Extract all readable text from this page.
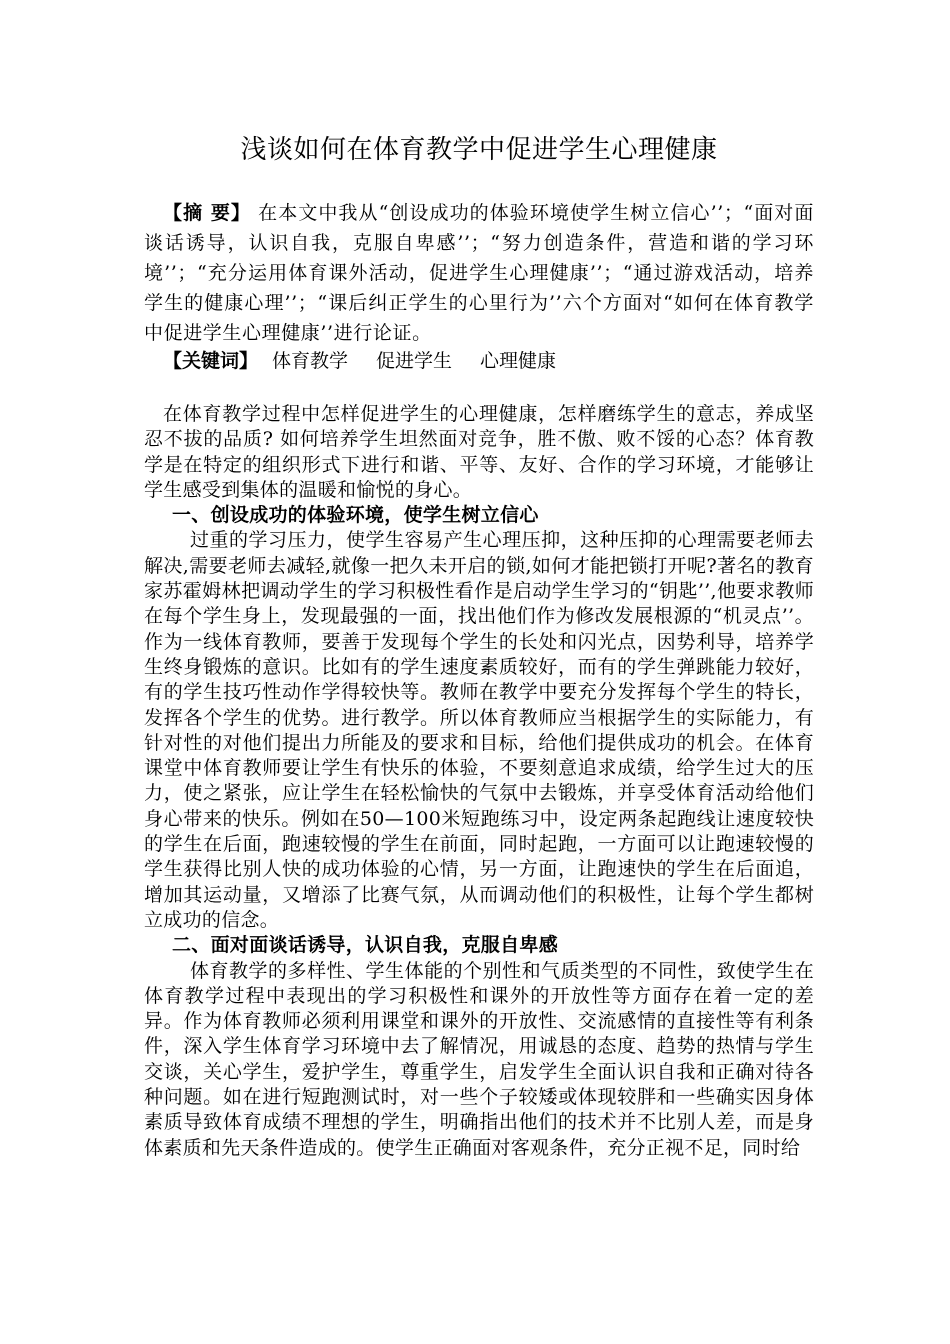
浅谈如何在体育教学中促进学生心理健康
【摘 要】 在本文中我从“创设成功的体验环境使学生树立信心’’；“面对面谈话诱导，认识自我，克服自卑感’’；“努力创造条件，营造和谐的学习环境’’；“充分运用体育课外活动，促进学生心理健康’’；“通过游戏活动，培养学生的健康心理’’；“课后纠正学生的心里行为’’六个方面对“如何在体育教学中促进学生心理健康’’进行论证。
【关键词】 体育教学 促进学生 心理健康

在体育教学过程中怎样促进学生的心理健康，怎样磨练学生的意志，养成坚忍不拔的品质? 如何培养学生坦然面对竞争，胜不傲、败不馁的心态？体育教学是在特定的组织形式下进行和谐、平等、友好、合作的学习环境，才能够让学生感受到集体的温暖和愉悦的身心。

一、创设成功的体验环境，使学生树立信心

过重的学习压力，使学生容易产生心理压抑，这种压抑的心理需要老师去解决,需要老师去减轻,就像一把久未开启的锁,如何才能把锁打开呢?著名的教育家苏霍姆林把调动学生的学习积极性看作是启动学生学习的“钥匙’’,他要求教师在每个学生身上，发现最强的一面，找出他们作为修改发展根源的“机灵点’’。作为一线体育教师，要善于发现每个学生的长处和闪光点，因势利导，培养学生终身锻炼的意识。比如有的学生速度素质较好，而有的学生弹跳能力较好，有的学生技巧性动作学得较快等。教师在教学中要充分发挥每个学生的特长，发挥各个学生的优势。进行教学。所以体育教师应当根据学生的实际能力，有针对性的对他们提出力所能及的要求和目标，给他们提供成功的机会。在体育课堂中体育教师要让学生有快乐的体验，不要刻意追求成绩，给学生过大的压力，使之紧张，应让学生在轻松愉快的气氛中去锻炼，并享受体育活动给他们身心带来的快乐。例如在50—100米短跑练习中，设定两条起跑线让速度较快的学生在后面，跑速较慢的学生在前面，同时起跑，一方面可以让跑速较慢的学生获得比别人快的成功体验的心情，另一方面，让跑速快的学生在后面追，增加其运动量，又增添了比赛气氛，从而调动他们的积极性，让每个学生都树立成功的信念。

二、面对面谈话诱导，认识自我，克服自卑感

体育教学的多样性、学生体能的个别性和气质类型的不同性，致使学生在体育教学过程中表现出的学习积极性和课外的开放性等方面存在着一定的差异。作为体育教师必须利用课堂和课外的开放性、交流感情的直接性等有利条件，深入学生体育学习环境中去了解情况，用诚恳的态度、趋势的热情与学生交谈，关心学生，爱护学生，尊重学生，启发学生全面认识自我和正确对待各种问题。如在进行短跑测试时，对一些个子较矮或体现较胖和一些确实因身体素质导致体育成绩不理想的学生，明确指出他们的技术并不比别人差，而是身体素质和先天条件造成的。使学生正确面对客观条件，充分正视不足，同时给
